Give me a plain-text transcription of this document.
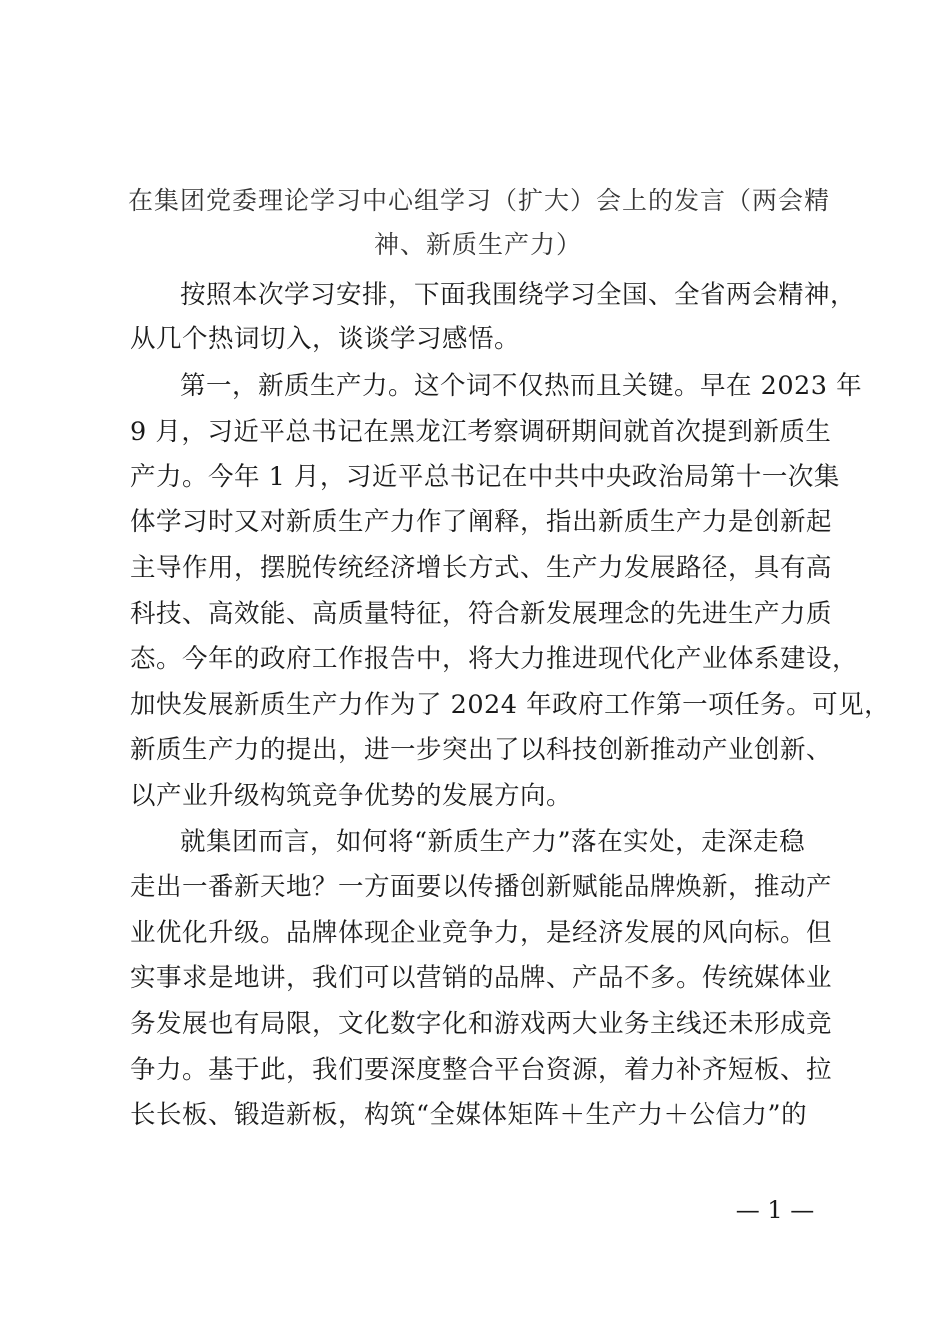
在集团党委理论学习中心组学习（扩大）会上的发言（两会精

神、新质生产力）

按照本次学习安排，下面我围绕学习全国、全省两会精神，

从几个热词切入，谈谈学习感悟。

第一，新质生产力。这个词不仅热而且关键。早在 2023 年

9 月，习近平总书记在黑龙江考察调研期间就首次提到新质生

产力。今年 1 月，习近平总书记在中共中央政治局第十一次集

体学习时又对新质生产力作了阐释，指出新质生产力是创新起

主导作用，摆脱传统经济增长方式、生产力发展路径，具有高

科技、高效能、高质量特征，符合新发展理念的先进生产力质

态。今年的政府工作报告中，将大力推进现代化产业体系建设，

加快发展新质生产力作为了 2024 年政府工作第一项任务。可见，

新质生产力的提出，进一步突出了以科技创新推动产业创新、

以产业升级构筑竞争优势的发展方向。

就集团而言，如何将“新质生产力”落在实处，走深走稳

走出一番新天地？一方面要以传播创新赋能品牌焕新，推动产

业优化升级。品牌体现企业竞争力，是经济发展的风向标。但

实事求是地讲，我们可以营销的品牌、产品不多。传统媒体业

务发展也有局限，文化数字化和游戏两大业务主线还未形成竞

争力。基于此，我们要深度整合平台资源，着力补齐短板、拉

长长板、锻造新板，构筑“全媒体矩阵＋生产力＋公信力”的

— 1 —
